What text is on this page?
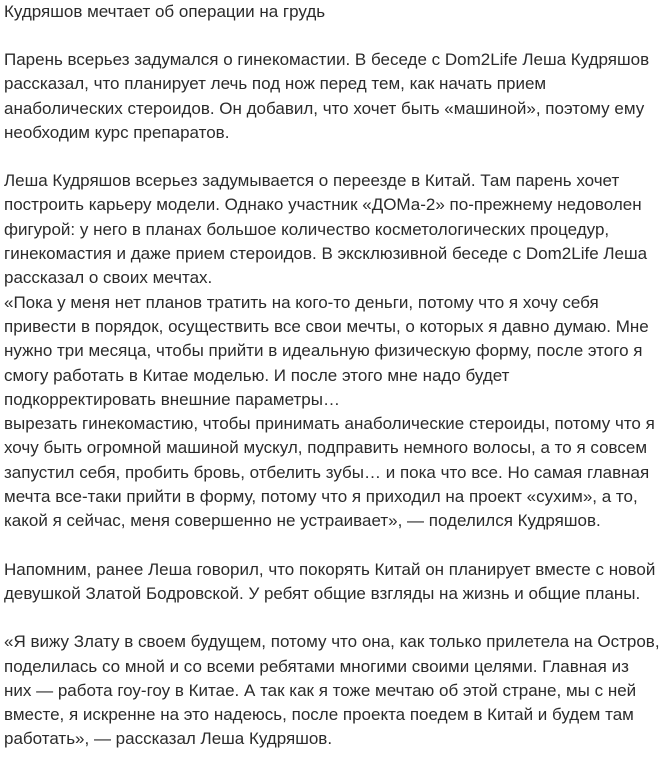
Кудряшов мечтает об операции на грудь

Парень всерьез задумался о гинекомастии. В беседе с Dom2Life Леша Кудряшов
рассказал, что планирует лечь под нож перед тем, как начать прием
анаболических стероидов. Он добавил, что хочет быть «машиной», поэтому ему
необходим курс препаратов.

Леша Кудряшов всерьез задумывается о переезде в Китай. Там парень хочет
построить карьеру модели. Однако участник «ДОМа-2» по-прежнему недоволен
фигурой: у него в планах большое количество косметологических процедур,
гинекомастия и даже прием стероидов. В эксклюзивной беседе с Dom2Life Леша
рассказал о своих мечтах.

«Пока у меня нет планов тратить на кого-то деньги, потому что я хочу себя
привести в порядок, осуществить все свои мечты, о которых я давно думаю. Мне
нужно три месяца, чтобы прийти в идеальную физическую форму, после этого я
смогу работать в Китае моделью. И после этого мне надо будет
подкорректировать внешние параметры…

вырезать гинекомастию, чтобы принимать анаболические стероиды, потому что я
хочу быть огромной машиной мускул, подправить немного волосы, а то я совсем
запустил себя, пробить бровь, отбелить зубы… и пока что все. Но самая главная
мечта все-таки прийти в форму, потому что я приходил на проект «сухим», а то,
какой я сейчас, меня совершенно не устраивает», — поделился Кудряшов.

Напомним, ранее Леша говорил, что покорять Китай он планирует вместе с новой
девушкой Златой Бодровской. У ребят общие взгляды на жизнь и общие планы.

«Я вижу Злату в своем будущем, потому что она, как только прилетела на Остров,
поделилась со мной и со всеми ребятами многими своими целями. Главная из
них — работа гоу-гоу в Китае. А так как я тоже мечтаю об этой стране, мы с ней
вместе, я искренне на это надеюсь, после проекта поедем в Китай и будем там
работать», — рассказал Леша Кудряшов.
